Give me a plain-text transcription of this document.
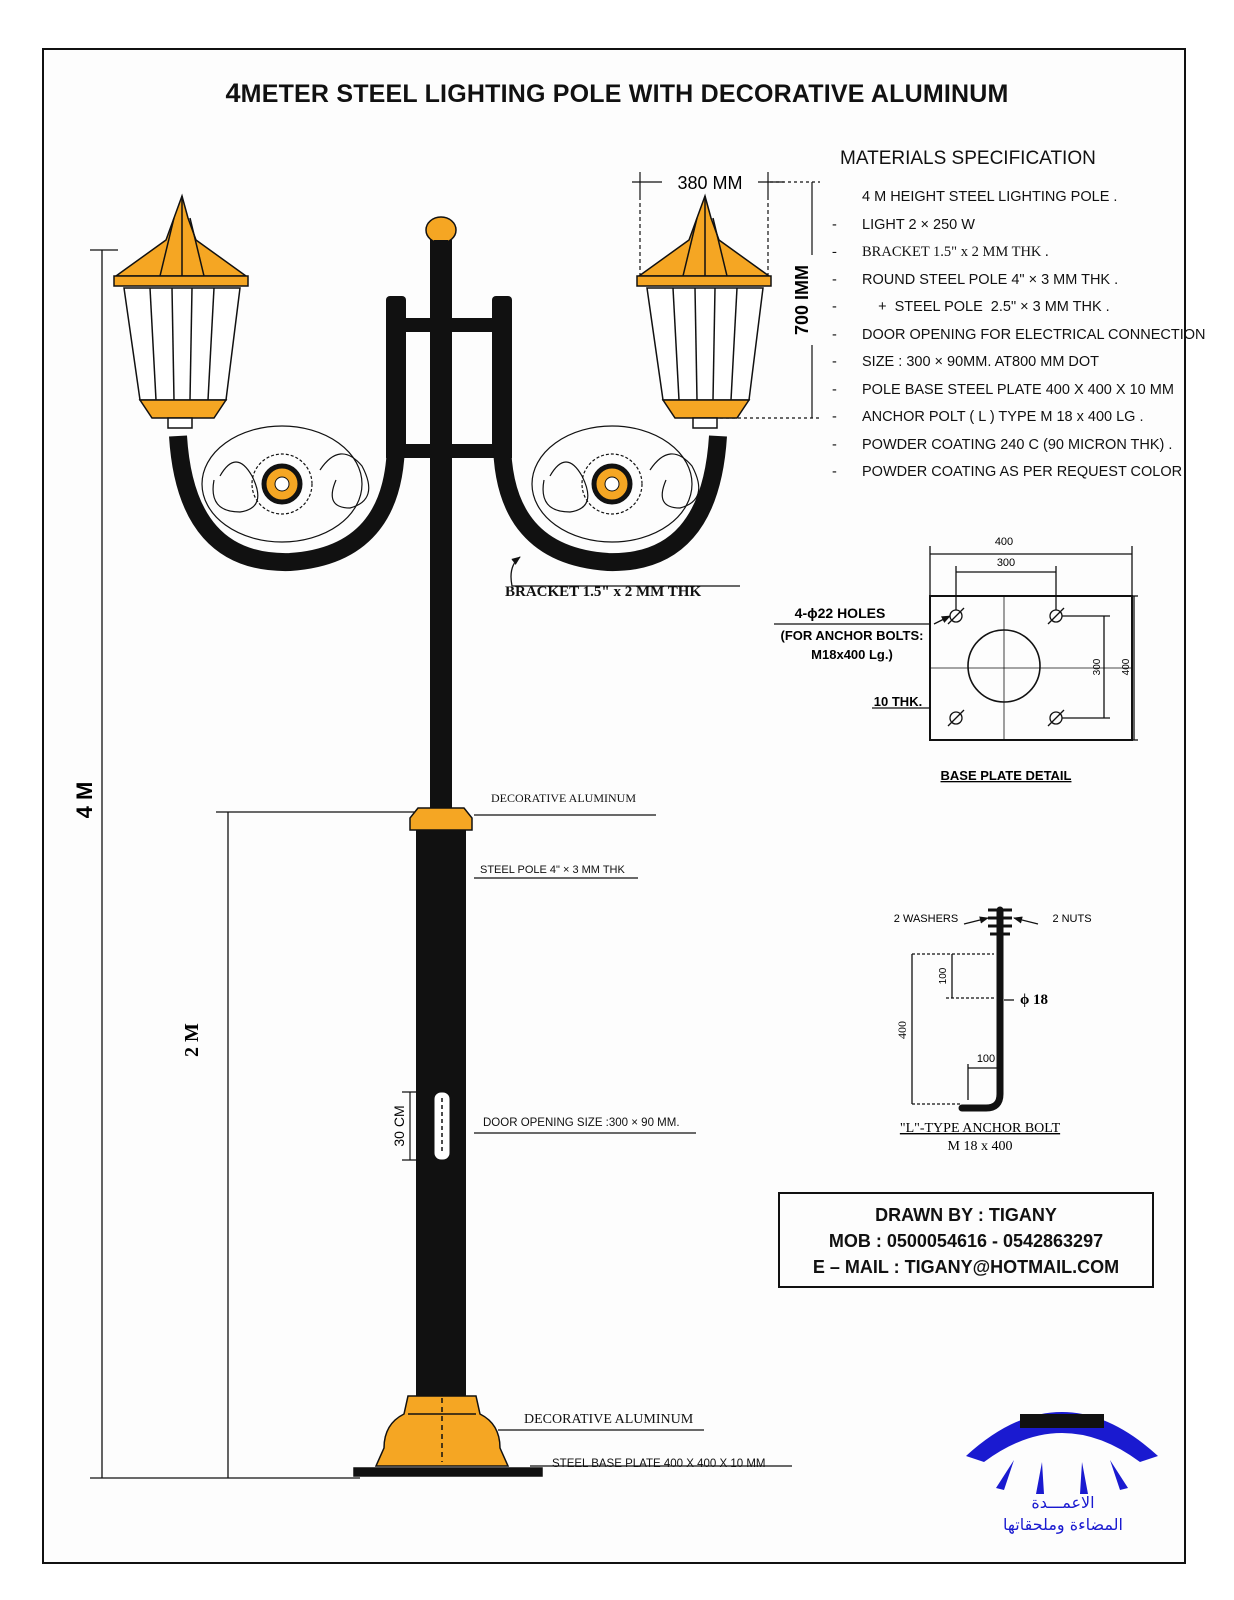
4METER STEEL LIGHTING POLE WITH DECORATIVE ALUMINUM
MATERIALS SPECIFICATION
4 M HEIGHT STEEL LIGHTING POLE .
- LIGHT 2 × 250 W
- BRACKET 1.5" x 2 MM THK .
- ROUND STEEL POLE 4" × 3 MM THK .
-    +  STEEL POLE  2.5" × 3 MM THK .
- DOOR OPENING FOR ELECTRICAL CONNECTION
- SIZE : 300 × 90MM. AT800 MM DOT
- POLE BASE STEEL PLATE 400 X 400 X 10 MM
- ANCHOR POLT ( L ) TYPE M 18 x 400 LG .
- POWDER COATING 240 C (90 MICRON THK) .
- POWDER COATING AS PER REQUEST COLOR
4 M
2 M
380 MM
700 IMM
30 CM
400
300
300 400
4-ϕ22 HOLES
(FOR ANCHOR BOLTS:
M18x400 Lg.)
10 THK.
BASE PLATE DETAIL
2 WASHERS	2 NUTS
100
400
100
ϕ 18
"L"-TYPE ANCHOR BOLT
M 18 x 400
BRACKET 1.5" x 2 MM THK
DECORATIVE ALUMINUM
STEEL POLE 4" × 3 MM THK
DOOR OPENING SIZE :300 × 90 MM.
DECORATIVE ALUMINUM
STEEL BASE PLATE 400 X 400 X 10 MM
DRAWN BY : TIGANY
MOB : 0500054616 - 0542863297
E – MAIL : TIGANY@HOTMAIL.COM
الاعمـــدة
المضاءة وملحقاتها
